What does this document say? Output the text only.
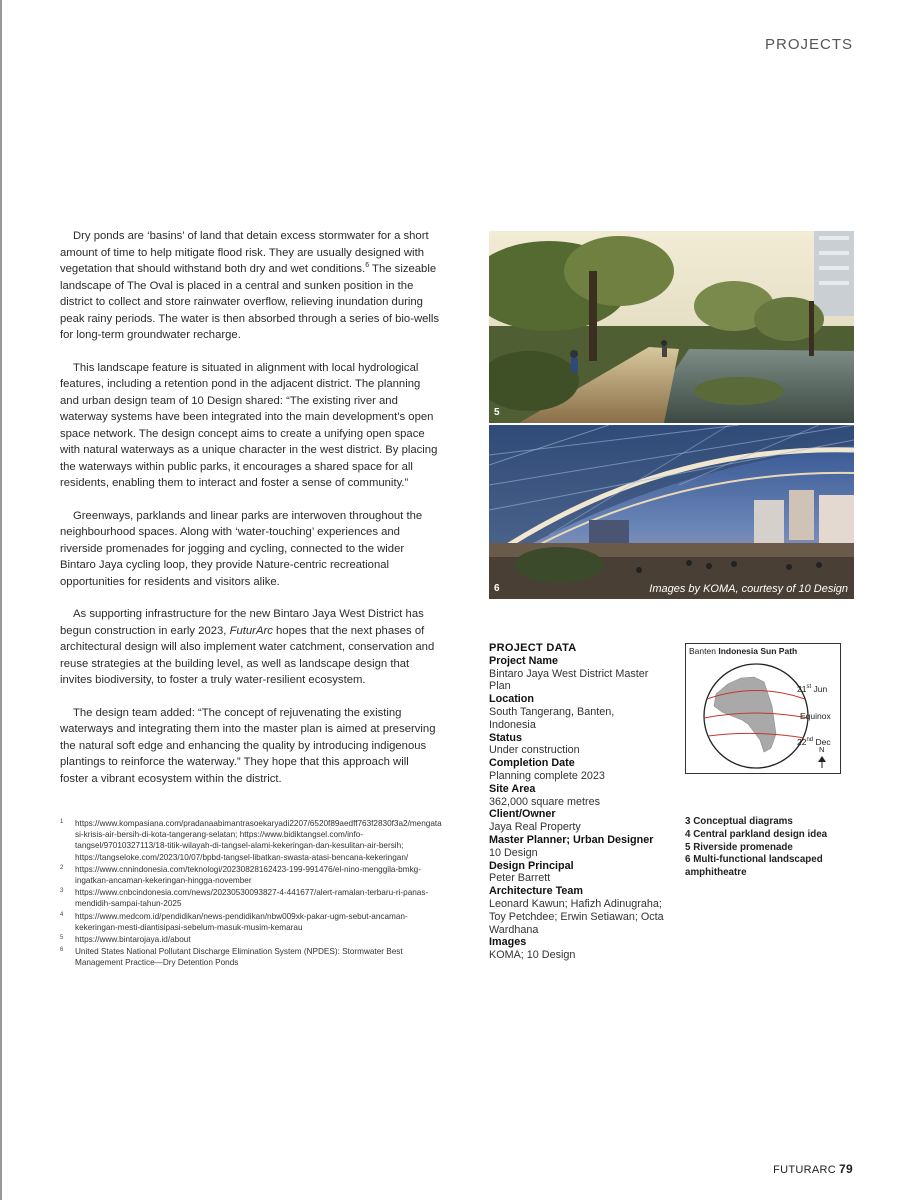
PROJECTS

Dry ponds are ‘basins’ of land that detain excess stormwater for a short amount of time to help mitigate flood risk. They are usually designed with vegetation that should withstand both dry and wet conditions.$^6$ The sizeable landscape of The Oval is placed in a central and sunken position in the district to collect and store rainwater overflow, relieving inundation during peak rainy periods. The water is then absorbed through a series of bio-wells for long-term groundwater recharge.

This landscape feature is situated in alignment with local hydrological features, including a retention pond in the adjacent district. The planning and urban design team of 10 Design shared: “The existing river and waterway systems have been integrated into the main development’s open space network. The design concept aims to create a unifying open space with natural waterways as a unique character in the west district. By placing the waterways within public parks, it encourages a shared space for all residents, enabling them to interact and foster a sense of community.”

Greenways, parklands and linear parks are interwoven throughout the neighbourhood spaces. Along with ‘water-touching’ experiences and riverside promenades for jogging and cycling, connected to the wider Bintaro Jaya cycling loop, they provide Nature-centric recreational opportunities for residents and visitors alike.

As supporting infrastructure for the new Bintaro Jaya West District has begun construction in early 2023, FuturArc hopes that the next phases of architectural design will also implement water catchment, conservation and reuse strategies at the building level, as well as landscape design that invites biodiversity, to foster a truly water-resilient ecosystem.

The design team added: “The concept of rejuvenating the existing waterways and integrating them into the master plan is aimed at preserving the natural soft edge and enhancing the quality by introducing indigenous plantings to reinforce the waterway.” They hope that this approach will foster a vibrant ecosystem within the district.

1	https://www.kompasiana.com/pradanaabimantrasoekaryadi2207/6520f89aedff763f2830f3a2/mengatasi-krisis-air-bersih-di-kota-tangerang-selatan; https://www.bidiktangsel.com/info-tangsel/97010327113/18-titik-wilayah-di-tangsel-alami-kekeringan-dan-kesulitan-air-bersih; https://tangseloke.com/2023/10/07/bpbd-tangsel-libatkan-swasta-atasi-bencana-kekeringan/
2	https://www.cnnindonesia.com/teknologi/20230828162423-199-991476/el-nino-menggila-bmkg-ingatkan-ancaman-kekeringan-hingga-november
3	https://www.cnbcindonesia.com/news/20230530093827-4-441677/alert-ramalan-terbaru-ri-panas-mendidih-sampai-tahun-2025
4	https://www.medcom.id/pendidikan/news-pendidikan/nbw009xk-pakar-ugm-sebut-ancaman-kekeringan-mesti-diantisipasi-sebelum-masuk-musim-kemarau
5	https://www.bintarojaya.id/about
6	United States National Pollutant Discharge Elimination System (NPDES): Stormwater Best Management Practice—Dry Detention Ponds
5
6	Images by KOMA, courtesy of 10 Design
PROJECT DATA
Project Name
Bintaro Jaya West District Master Plan
Location
South Tangerang, Banten, Indonesia
Status
Under construction
Completion Date
Planning complete 2023
Site Area
362,000 square metres
Client/Owner
Jaya Real Property
Master Planner; Urban Designer
10 Design
Design Principal
Peter Barrett
Architecture Team
Leonard Kawun; Hafizh Adinugraha; Toy Petchdee; Erwin Setiawan; Octa Wardhana
Images
KOMA; 10 Design
Banten Indonesia Sun Path
21st Jun
Equinox
22nd Dec
N
3 Conceptual diagrams
4 Central parkland design idea
5 Riverside promenade
6 Multi-functional landscaped amphitheatre
FUTURARC 79
